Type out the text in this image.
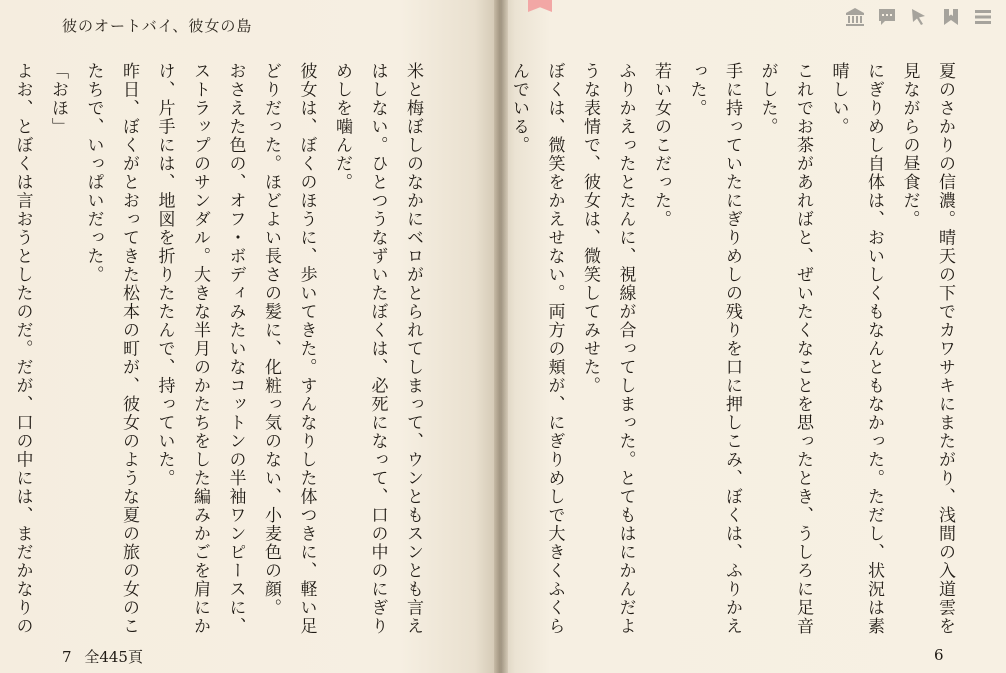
彼のオートバイ、彼女の島

米と梅ぼしのなかにベロがとられてしまって、ウンともスンとも言えはしない。ひとつうなずいたぼくは、必死になって、口の中のにぎりめしを噛んだ。

彼女は、ぼくのほうに、歩いてきた。すんなりした体つきに、軽い足どりだった。ほどよい長さの髪に、化粧っ気のない、小麦色の顔。

おさえた色の、オフ・ボディみたいなコットンの半袖ワンピースに、ストラップのサンダル。大きな半月のかたちをした編みかごを肩にかけ、片手には、地図を折りたたんで、持っていた。

昨日、ぼくがとおってきた松本の町が、彼女のような夏の旅の女のこたちで、いっぱいだった。

「おほ」

よお、とぼくは言おうとしたのだ。だが、口の中には、まだかなりの

7 全445頁

夏のさかりの信濃。晴天の下でカワサキにまたがり、浅間の入道雲を見ながらの昼食だ。

にぎりめし自体は、おいしくもなんともなかった。ただし、状況は素晴しい。

これでお茶があればと、ぜいたくなことを思ったとき、うしろに足音がした。

手に持っていたにぎりめしの残りを口に押しこみ、ぼくは、ふりかえった。

若い女のこだった。

ふりかえったとたんに、視線が合ってしまった。とてもはにかんだような表情で、彼女は、微笑してみせた。

ぼくは、微笑をかえせない。両方の頬が、にぎりめしで大きくふくらんでいる。

6
